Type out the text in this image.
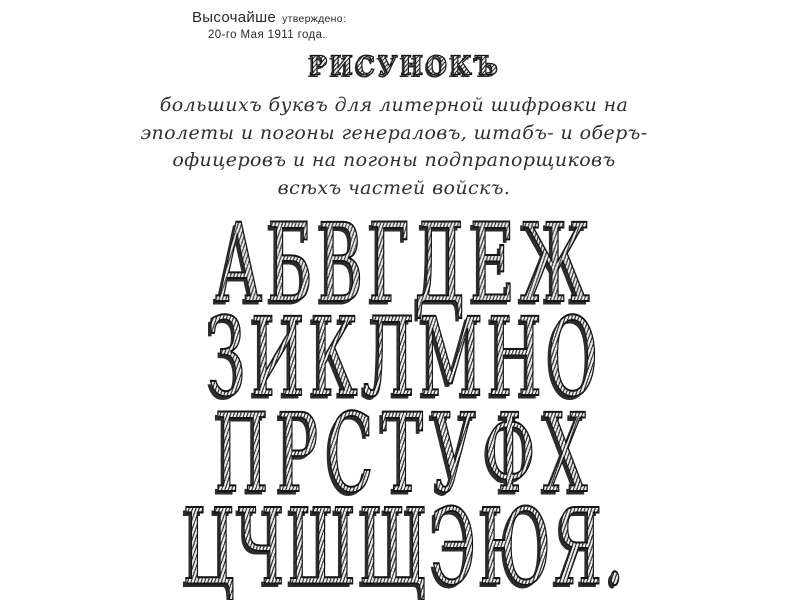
Высочайше утверждено:
20-го Мая 1911 года.
большихъ буквъ для литерной шифровки на
эполеты и погоны генераловъ, штабъ- и оберъ-
офицеровъ и на погоны подпрапорщиковъ
всѣхъ частей войскъ.
